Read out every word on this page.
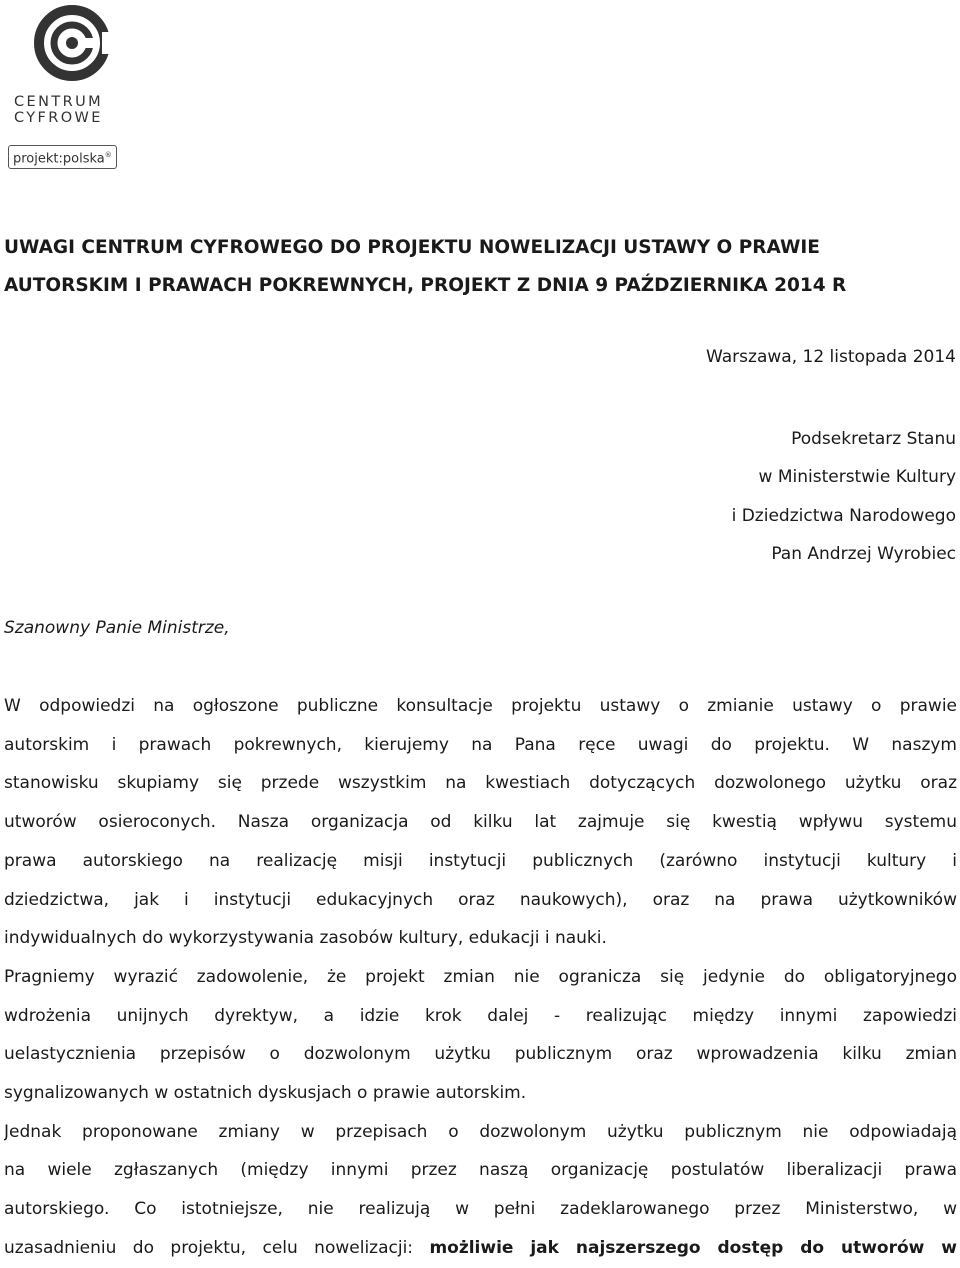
CENTRUM
CYFROWE
projekt:polska®
UWAGI CENTRUM CYFROWEGO DO PROJEKTU NOWELIZACJI USTAWY O PRAWIE
AUTORSKIM I PRAWACH POKREWNYCH, PROJEKT Z DNIA 9 PAŹDZIERNIKA 2014 R
Warszawa, 12 listopada 2014
Podsekretarz Stanu
w Ministerstwie Kultury
i Dziedzictwa Narodowego
Pan Andrzej Wyrobiec
Szanowny Panie Ministrze,
W odpowiedzi na ogłoszone publiczne konsultacje projektu ustawy o zmianie ustawy o prawie
autorskim i prawach pokrewnych, kierujemy na Pana ręce uwagi do projektu. W naszym
stanowisku skupiamy się przede wszystkim na kwestiach dotyczących dozwolonego użytku oraz
utworów osieroconych. Nasza organizacja od kilku lat zajmuje się kwestią wpływu systemu
prawa autorskiego na realizację misji instytucji publicznych (zarówno instytucji kultury i
dziedzictwa, jak i instytucji edukacyjnych oraz naukowych), oraz na prawa użytkowników
indywidualnych do wykorzystywania zasobów kultury, edukacji i nauki.
Pragniemy wyrazić zadowolenie, że projekt zmian nie ogranicza się jedynie do obligatoryjnego
wdrożenia unijnych dyrektyw, a idzie krok dalej - realizując między innymi zapowiedzi
uelastycznienia przepisów o dozwolonym użytku publicznym oraz wprowadzenia kilku zmian
sygnalizowanych w ostatnich dyskusjach o prawie autorskim.
Jednak proponowane zmiany w przepisach o dozwolonym użytku publicznym nie odpowiadają
na wiele zgłaszanych (między innymi przez naszą organizację postulatów liberalizacji prawa
autorskiego. Co istotniejsze, nie realizują w pełni zadeklarowanego przez Ministerstwo, w
uzasadnieniu do projektu, celu nowelizacji: możliwie jak najszerszego dostęp do utworów w
